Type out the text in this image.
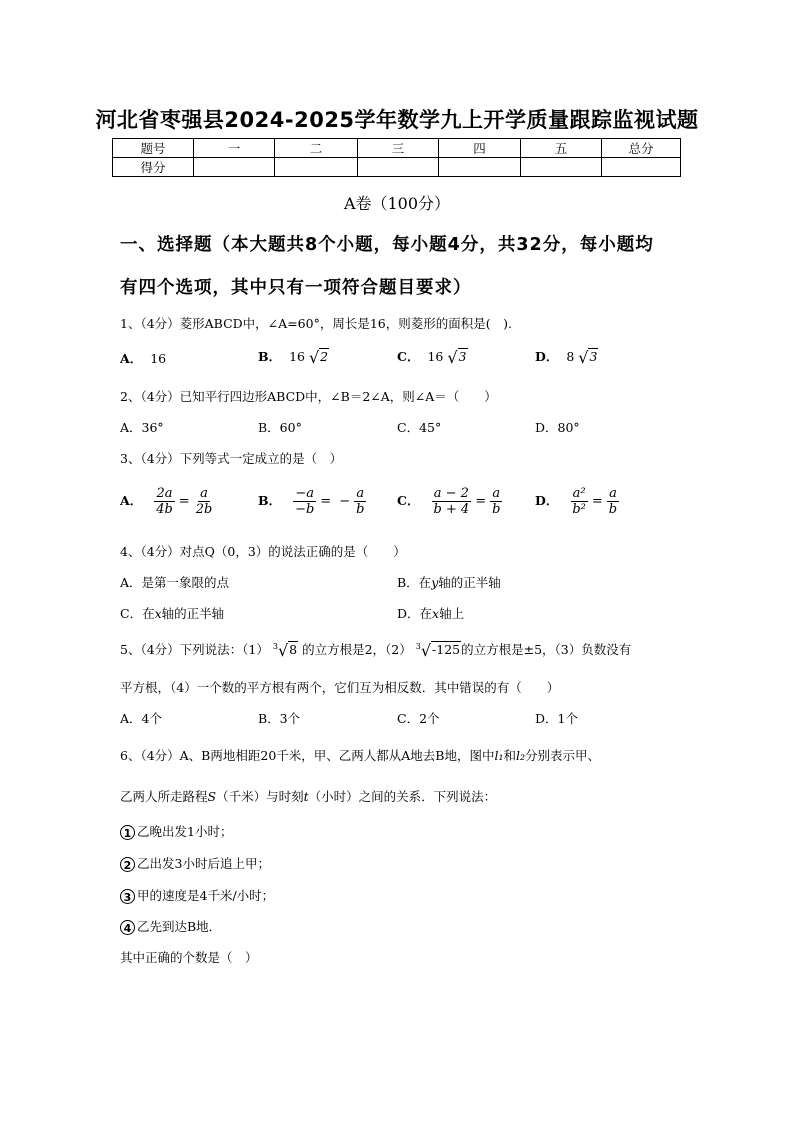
河北省枣强县2024-2025学年数学九上开学质量跟踪监视试题
题号	一	二	三	四	五	总分
得分						
A卷（100分）
一、选择题（本大题共8个小题，每小题4分，共32分，每小题均
有四个选项，其中只有一项符合题目要求）
1、（4分）菱形ABCD中，∠A=60°，周长是16，则菱形的面积是(　).
A． 16	B． 16 √2	C． 16 √3	D． 8 √3
2、（4分）已知平行四边形ABCD中，∠B＝2∠A，则∠A＝（　　）
A．36°	B．60°	C．45°	D．80°
3、（4分）下列等式一定成立的是（　）
A． $\frac{2a}{4b} = \frac{a}{2b}$	B． $\frac{-a}{-b}$ = − $\frac{a}{b}$ C． $\frac{a - 2}{b + 4} = \frac{a}{b}$	D． $\frac{\text{a²}}{\text{b²}} = \frac{a}{b}$
4、（4分）对点Q（0，3）的说法正确的是（　　）
A．是第一象限的点	B．在y轴的正半轴
C．在x轴的正半轴	D．在x轴上
5、（4分）下列说法：（1） $^3$√8 的立方根是2，（2） $^3$√-125的立方根是±5，（3）负数没有
平方根，（4）一个数的平方根有两个，它们互为相反数．其中错误的有（　　）
A．4个	B．3个	C．2个	D．1个
6、（4分）A、B两地相距20千米，甲、乙两人都从A地去B地，图中l₁和l₂分别表示甲、
乙两人所走路程S（千米）与时刻t（小时）之间的关系．下列说法：
1 乙晚出发1小时；
2 乙出发3小时后追上甲；
3 甲的速度是4千米/小时；
4 乙先到达B地．
其中正确的个数是（　）
